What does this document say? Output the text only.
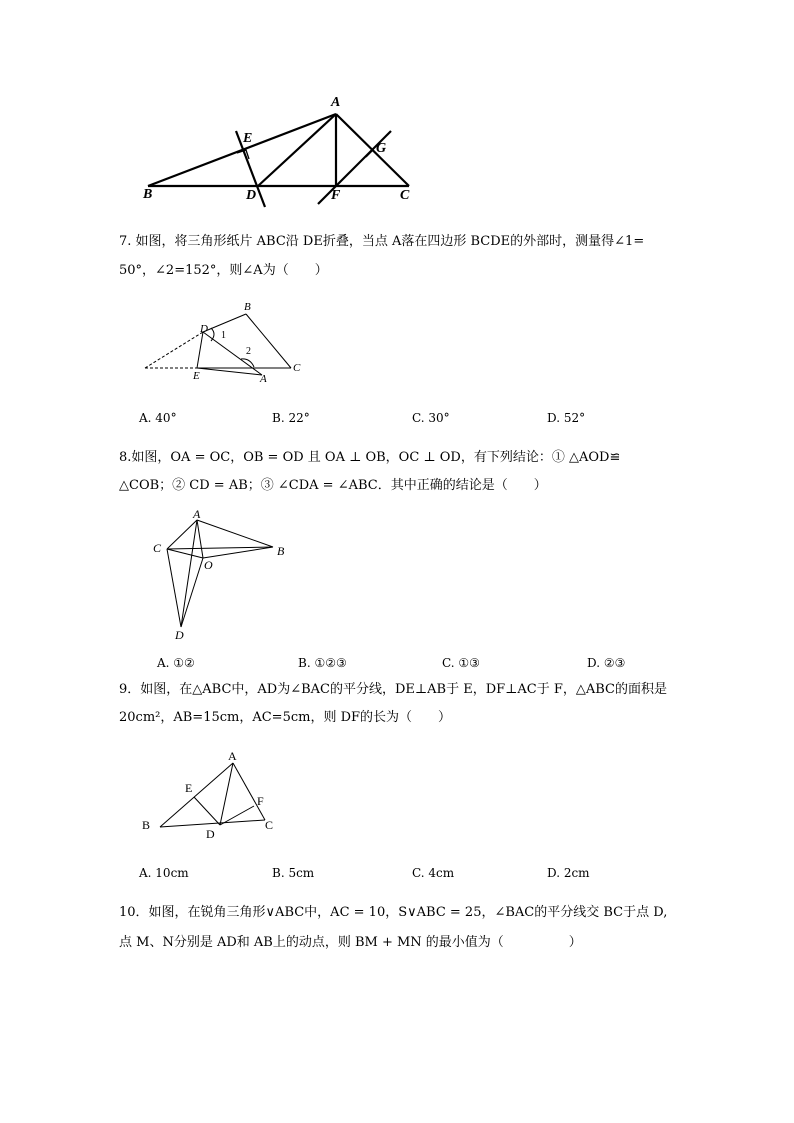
A
E
G
B	D	F	C
B
D
1
2
E	A
C
A
C	B
O
D
A
E
F
B
D
C
7. 如图，将三角形纸片 ABC沿 DE折叠，当点 A落在四边形 BCDE的外部时，测量得∠1=
50°，∠2=152°，则∠A为（　　）
A. 40°	B. 22°	C. 30°	D. 52°
8.如图，OA = OC，OB = OD 且 OA ⊥ OB，OC ⊥ OD，有下列结论：① △AOD≌
△COB；② CD = AB；③ ∠CDA = ∠ABC．其中正确的结论是（　　）
A. ①②	B. ①②③	C. ①③	D. ②③
9．如图，在△ABC中，AD为∠BAC的平分线，DE⊥AB于 E，DF⊥AC于 F，△ABC的面积是
20cm²，AB=15cm，AC=5cm，则 DF的长为（　　）
A. 10cm	B. 5cm	C. 4cm	D. 2cm
10．如图，在锐角三角形∨ABC中，AC = 10，S∨ABC = 25，∠BAC的平分线交 BC于点 D,
点 M、N分别是 AD和 AB上的动点，则 BM + MN 的最小值为（　　　　　）
